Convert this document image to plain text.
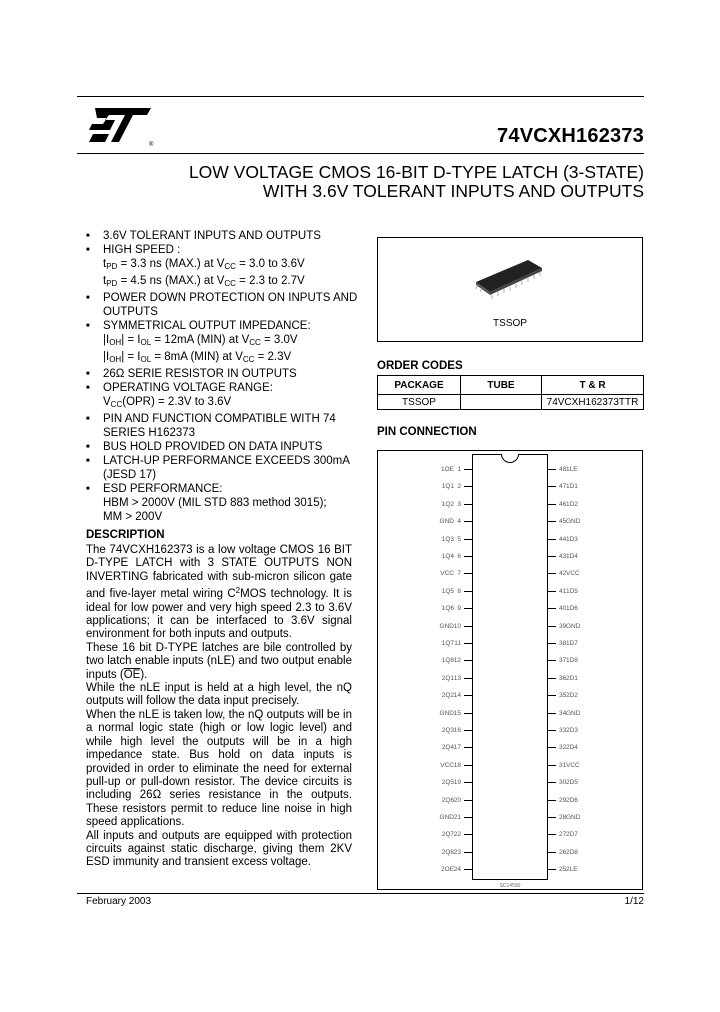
®	74VCXH162373
LOW VOLTAGE CMOS 16-BIT D-TYPE LATCH (3-STATE)
WITH 3.6V TOLERANT INPUTS AND OUTPUTS
■ 3.6V TOLERANT INPUTS AND OUTPUTS
■ HIGH SPEED :
$t_{PD} = 3.3$ ns (MAX.) at $V_{CC} = 3.0$ to 3.6V
$t_{PD} = 4.5$ ns (MAX.) at $V_{CC} = 2.3$ to 2.7V
■ POWER DOWN PROTECTION ON INPUTS AND OUTPUTS
■ SYMMETRICAL OUTPUT IMPEDANCE:
$|I_{OH}| = I_{OL} = 12mA$ (MIN) at $V_{CC} = 3.0V$
$|I_{OH}| = I_{OL} = 8mA$ (MIN) at $V_{CC} = 2.3V$
■ 26Ω SERIE RESISTOR IN OUTPUTS
■ OPERATING VOLTAGE RANGE:
$V_{CC}(OPR) = 2.3V$ to 3.6V
■ PIN AND FUNCTION COMPATIBLE WITH 74 SERIES H162373
■ BUS HOLD PROVIDED ON DATA INPUTS
■ LATCH-UP PERFORMANCE EXCEEDS 300mA (JESD 17)
■ ESD PERFORMANCE:
HBM > 2000V (MIL STD 883 method 3015);
MM > 200V
DESCRIPTION

The 74VCXH162373 is a low voltage CMOS 16 BIT D-TYPE LATCH with 3 STATE OUTPUTS NON INVERTING fabricated with sub-micron silicon gate and five-layer metal wiring $C^2MOS$ technology. It is ideal for low power and very high speed 2.3 to 3.6V applications; it can be interfaced to 3.6V signal environment for both inputs and outputs.

These 16 bit D-TYPE latches are bile controlled by two latch enable inputs (nLE) and two output enable inputs $(\overline{OE})$.

While the nLE input is held at a high level, the nQ outputs will follow the data input precisely.

When the nLE is taken low, the nQ outputs will be in a normal logic state (high or low logic level) and while high level the outputs will be in a high impedance state. Bus hold on data inputs is provided in order to eliminate the need for external pull-up or pull-down resistor. The device circuits is including 26Ω series resistance in the outputs. These resistors permit to reduce line noise in high speed applications.

All inputs and outputs are equipped with protection circuits against static discharge, giving them 2KV ESD immunity and transient excess voltage.

TSSOP
ORDER CODES
PACKAGE	TUBE	T & R
TSSOP		74VCXH162373TTR
PIN CONNECTION
1OE 1
1Q1 2
1Q2 3
GND 4
1Q3 5
1Q4 6
VCC 7
1Q5 8
1Q6 9
GND 10
1Q7 11
1Q8 12
2Q1 13
2Q2 14
GND 15
2Q3 16
2Q4 17
VCC 18
2Q5 19
2Q6 20
GND 21
2Q7 22
2Q8 23
2OE 24
1LE
48
1D1
47
1D2
46
GND
45
1D3
44
1D4
43
VCC
42
1D5
41
1D6
40
GND
39
1D7
38
1D8
37
2D1
36
2D2
35
GND
34
2D3
33
2D4
32
VCC
31
2D5
30
2D6
29
GND
28
2D7
27
2D8
26
2LE
25
SC14590
February 2003	1/12
